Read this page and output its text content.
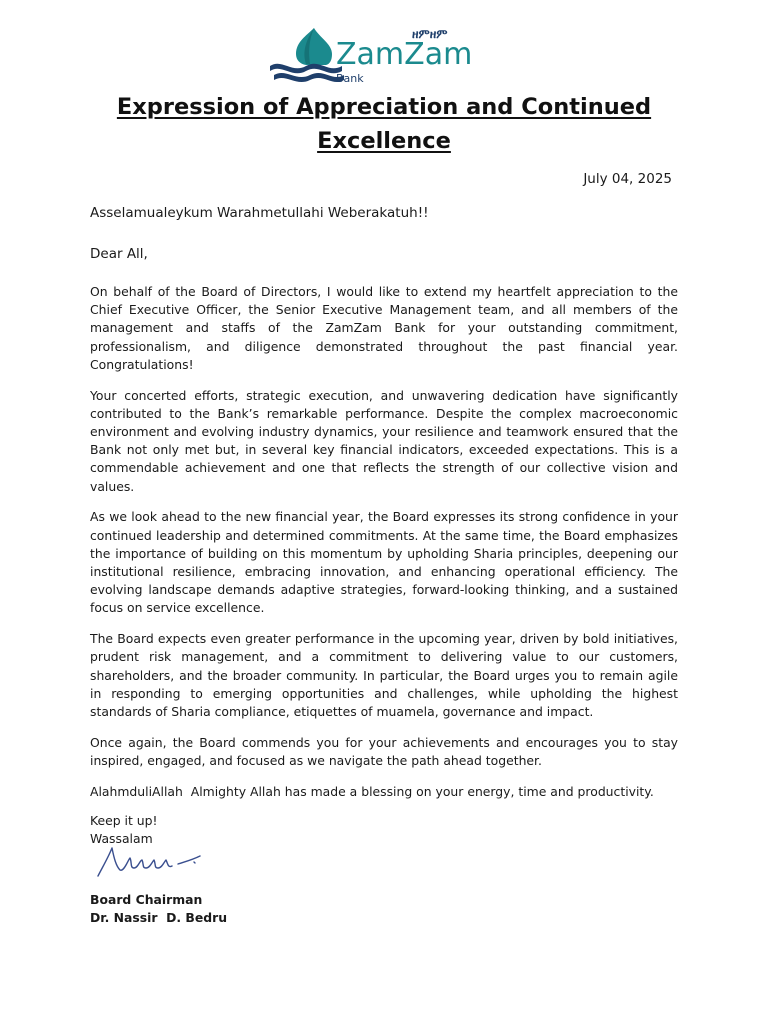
ዘምዘም
ZamZam
Bank
Expression of Appreciation and Continued Excellence
July 04, 2025
Asselamualeykum Warahmetullahi Weberakatuh!!
Dear All,

On behalf of the Board of Directors, I would like to extend my heartfelt appreciation to the Chief Executive Officer, the Senior Executive Management team, and all members of the management and staffs of the ZamZam Bank for your outstanding commitment, professionalism, and diligence demonstrated throughout the past financial year. Congratulations!

Your concerted efforts, strategic execution, and unwavering dedication have significantly contributed to the Bank’s remarkable performance. Despite the complex macroeconomic environment and evolving industry dynamics, your resilience and teamwork ensured that the Bank not only met but, in several key financial indicators, exceeded expectations. This is a commendable achievement and one that reflects the strength of our collective vision and values.

As we look ahead to the new financial year, the Board expresses its strong confidence in your continued leadership and determined commitments. At the same time, the Board emphasizes the importance of building on this momentum by upholding Sharia principles, deepening our institutional resilience, embracing innovation, and enhancing operational efficiency. The evolving landscape demands adaptive strategies, forward-looking thinking, and a sustained focus on service excellence.

The Board expects even greater performance in the upcoming year, driven by bold initiatives, prudent risk management, and a commitment to delivering value to our customers, shareholders, and the broader community. In particular, the Board urges you to remain agile in responding to emerging opportunities and challenges, while upholding the highest standards of Sharia compliance, etiquettes of muamela, governance and impact.

Once again, the Board commends you for your achievements and encourages you to stay inspired, engaged, and focused as we navigate the path ahead together.

AlahmduliAllah  Almighty Allah has made a blessing on your energy, time and productivity.

Keep it up!
Wassalam
Board Chairman
Dr. Nassir  D. Bedru
